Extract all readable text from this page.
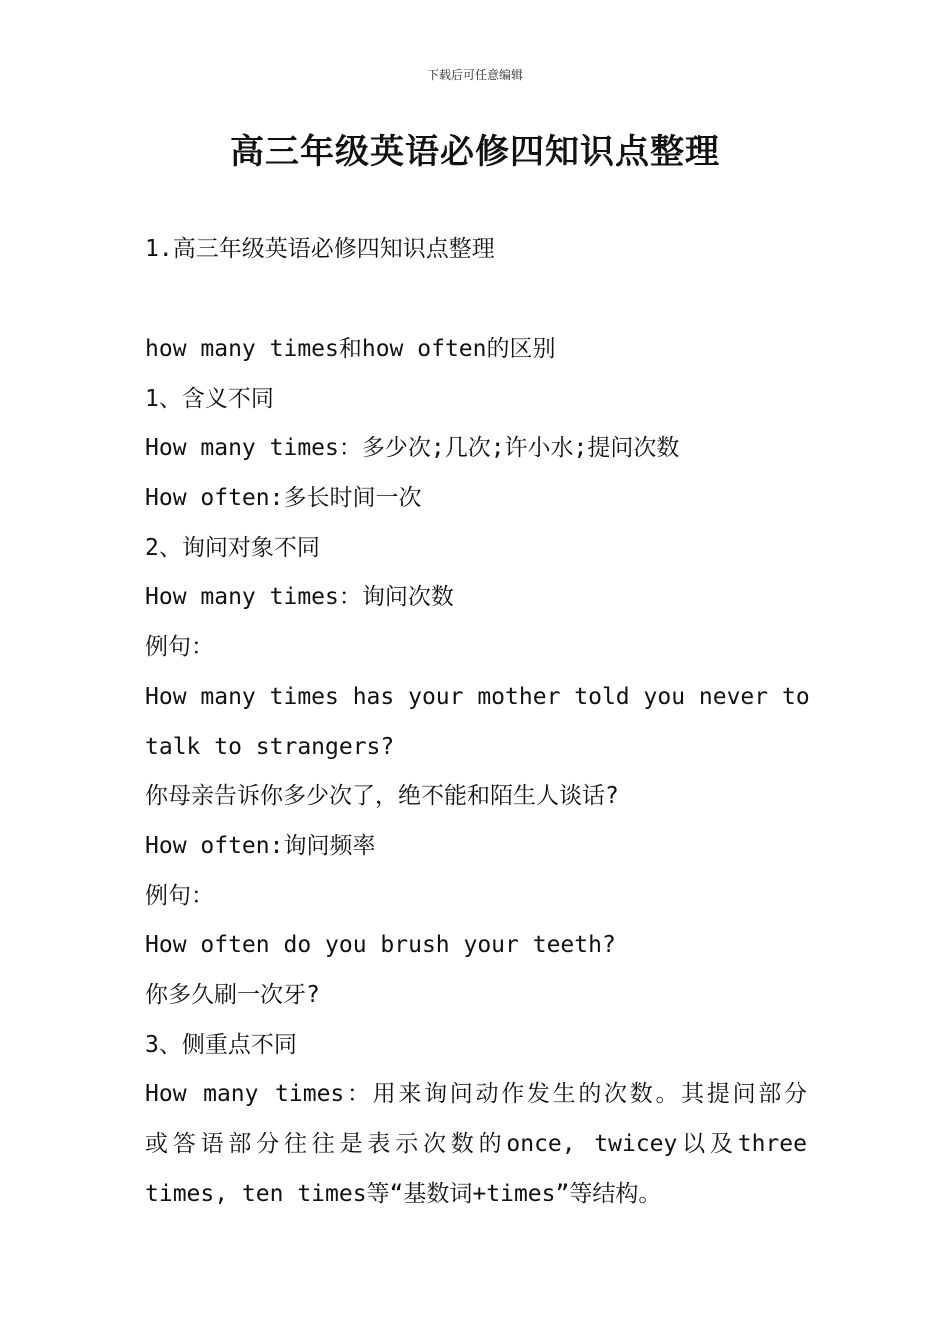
下载后可任意编辑
高三年级英语必修四知识点整理
1.高三年级英语必修四知识点整理
how many times和how often的区别
1、含义不同
How many times：多少次;几次;许小水;提问次数
How often:多长时间一次
2、询问对象不同
How many times：询问次数
例句：
How many times has your mother told you never to
talk to strangers?
你母亲告诉你多少次了，绝不能和陌生人谈话?
How often:询问频率
例句：
How often do you brush your teeth?
你多久刷一次牙?
3、侧重点不同
How many times：用来询问动作发生的次数。其提问部分
或答语部分往往是表示次数的once, twicey以及three
times, ten times等“基数词+times”等结构。
